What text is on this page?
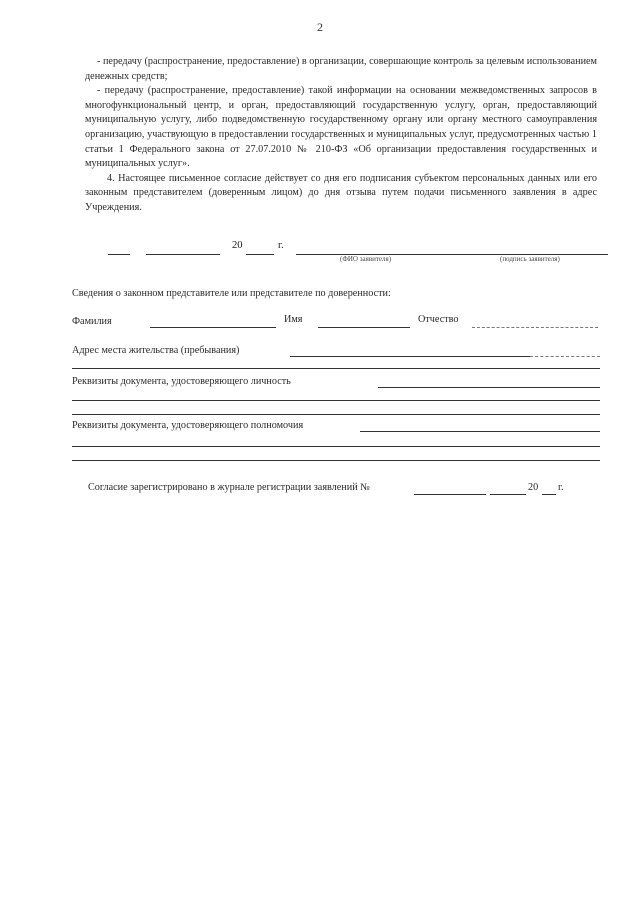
2

- передачу (распространение, предоставление) в организации, совершающие контроль за целевым использованием денежных средств;

- передачу (распространение, предоставление) такой информации на основании межведомственных запросов в многофункциональный центр, и орган, предоставляющий государственную услугу, орган, предоставляющий муниципальную услугу, либо подведомственную государственному органу или органу местного самоуправления организацию, участвующую в предоставлении государственных и муниципальных услуг, предусмотренных частью 1 статьи 1 Федерального закона от 27.07.2010 № 210-ФЗ «Об организации предоставления государственных и муниципальных услуг».

4. Настоящее письменное согласие действует со дня его подписания субъектом персональных данных или его законным представителем (доверенным лицом) до дня отзыва путем подачи письменного заявления в адрес Учреждения.

20	г.
(ФИО заявителя)	(подпись заявителя)
Сведения о законном представителе или представителе по доверенности:
Фамилия	Имя	Отчество
Адрес места жительства (пребывания)
Реквизиты документа, удостоверяющего личность
Реквизиты документа, удостоверяющего полномочия
Согласие зарегистрировано в журнале регистрации заявлений №	20 г.
